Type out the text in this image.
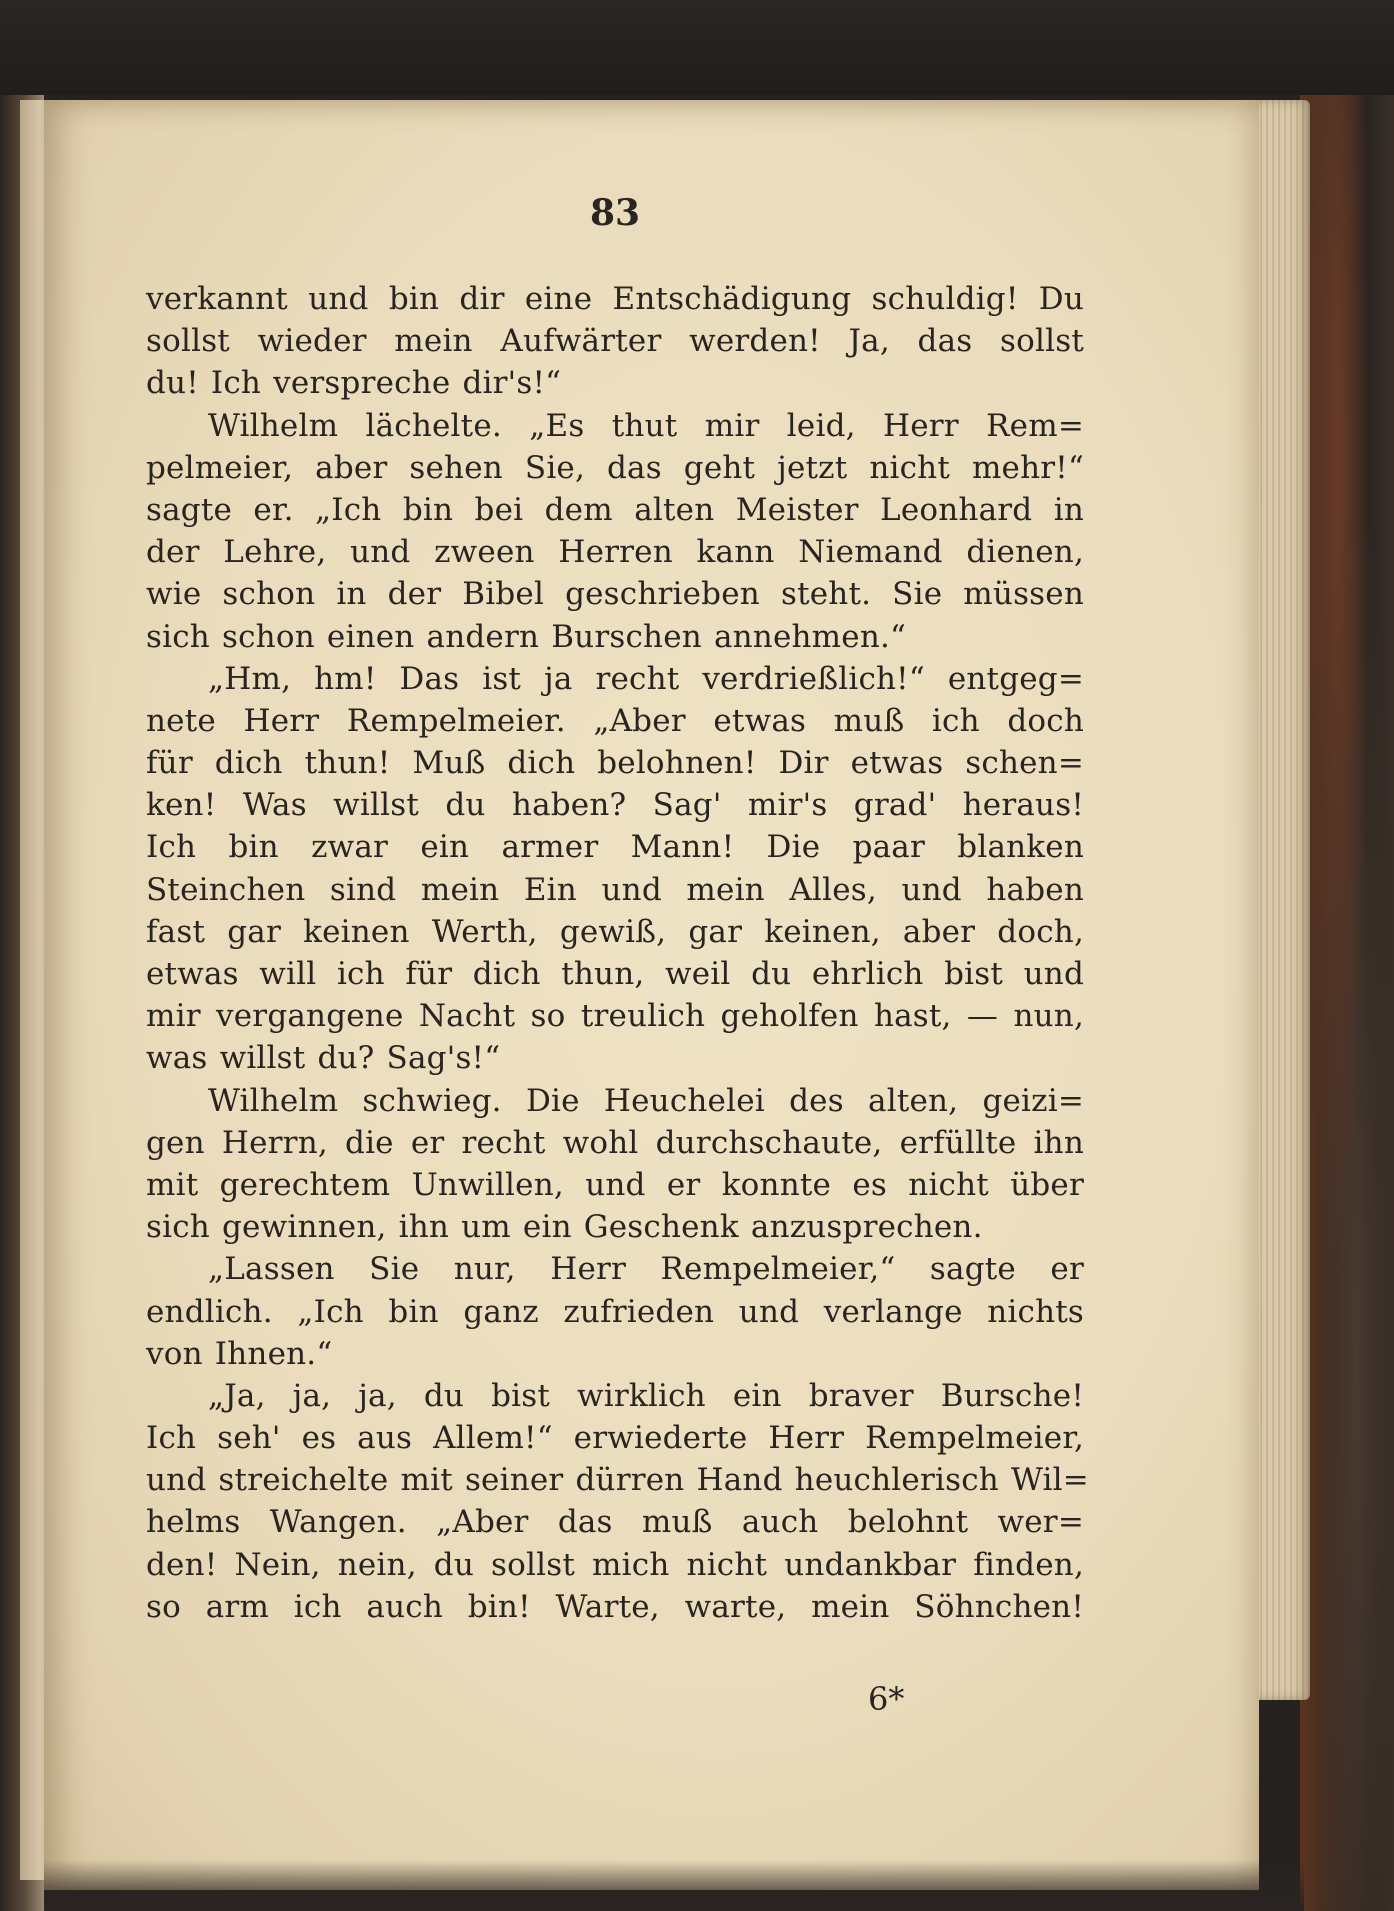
83
verkannt und bin dir eine Entschädigung schuldig! Du
sollst wieder mein Aufwärter werden! Ja, das sollst
du! Ich verspreche dir's!“
Wilhelm lächelte. „Es thut mir leid, Herr Rem=
pelmeier, aber sehen Sie, das geht jetzt nicht mehr!“
sagte er. „Ich bin bei dem alten Meister Leonhard in
der Lehre, und zween Herren kann Niemand dienen,
wie schon in der Bibel geschrieben steht. Sie müssen
sich schon einen andern Burschen annehmen.“
„Hm, hm! Das ist ja recht verdrießlich!“ entgeg=
nete Herr Rempelmeier. „Aber etwas muß ich doch
für dich thun! Muß dich belohnen! Dir etwas schen=
ken! Was willst du haben? Sag' mir's grad' heraus!
Ich bin zwar ein armer Mann! Die paar blanken
Steinchen sind mein Ein und mein Alles, und haben
fast gar keinen Werth, gewiß, gar keinen, aber doch,
etwas will ich für dich thun, weil du ehrlich bist und
mir vergangene Nacht so treulich geholfen hast, — nun,
was willst du? Sag's!“
Wilhelm schwieg. Die Heuchelei des alten, geizi=
gen Herrn, die er recht wohl durchschaute, erfüllte ihn
mit gerechtem Unwillen, und er konnte es nicht über
sich gewinnen, ihn um ein Geschenk anzusprechen.
„Lassen Sie nur, Herr Rempelmeier,“ sagte er
endlich. „Ich bin ganz zufrieden und verlange nichts
von Ihnen.“
„Ja, ja, ja, du bist wirklich ein braver Bursche!
Ich seh' es aus Allem!“ erwiederte Herr Rempelmeier,
und streichelte mit seiner dürren Hand heuchlerisch Wil=
helms Wangen. „Aber das muß auch belohnt wer=
den! Nein, nein, du sollst mich nicht undankbar finden,
so arm ich auch bin! Warte, warte, mein Söhnchen!
6*
